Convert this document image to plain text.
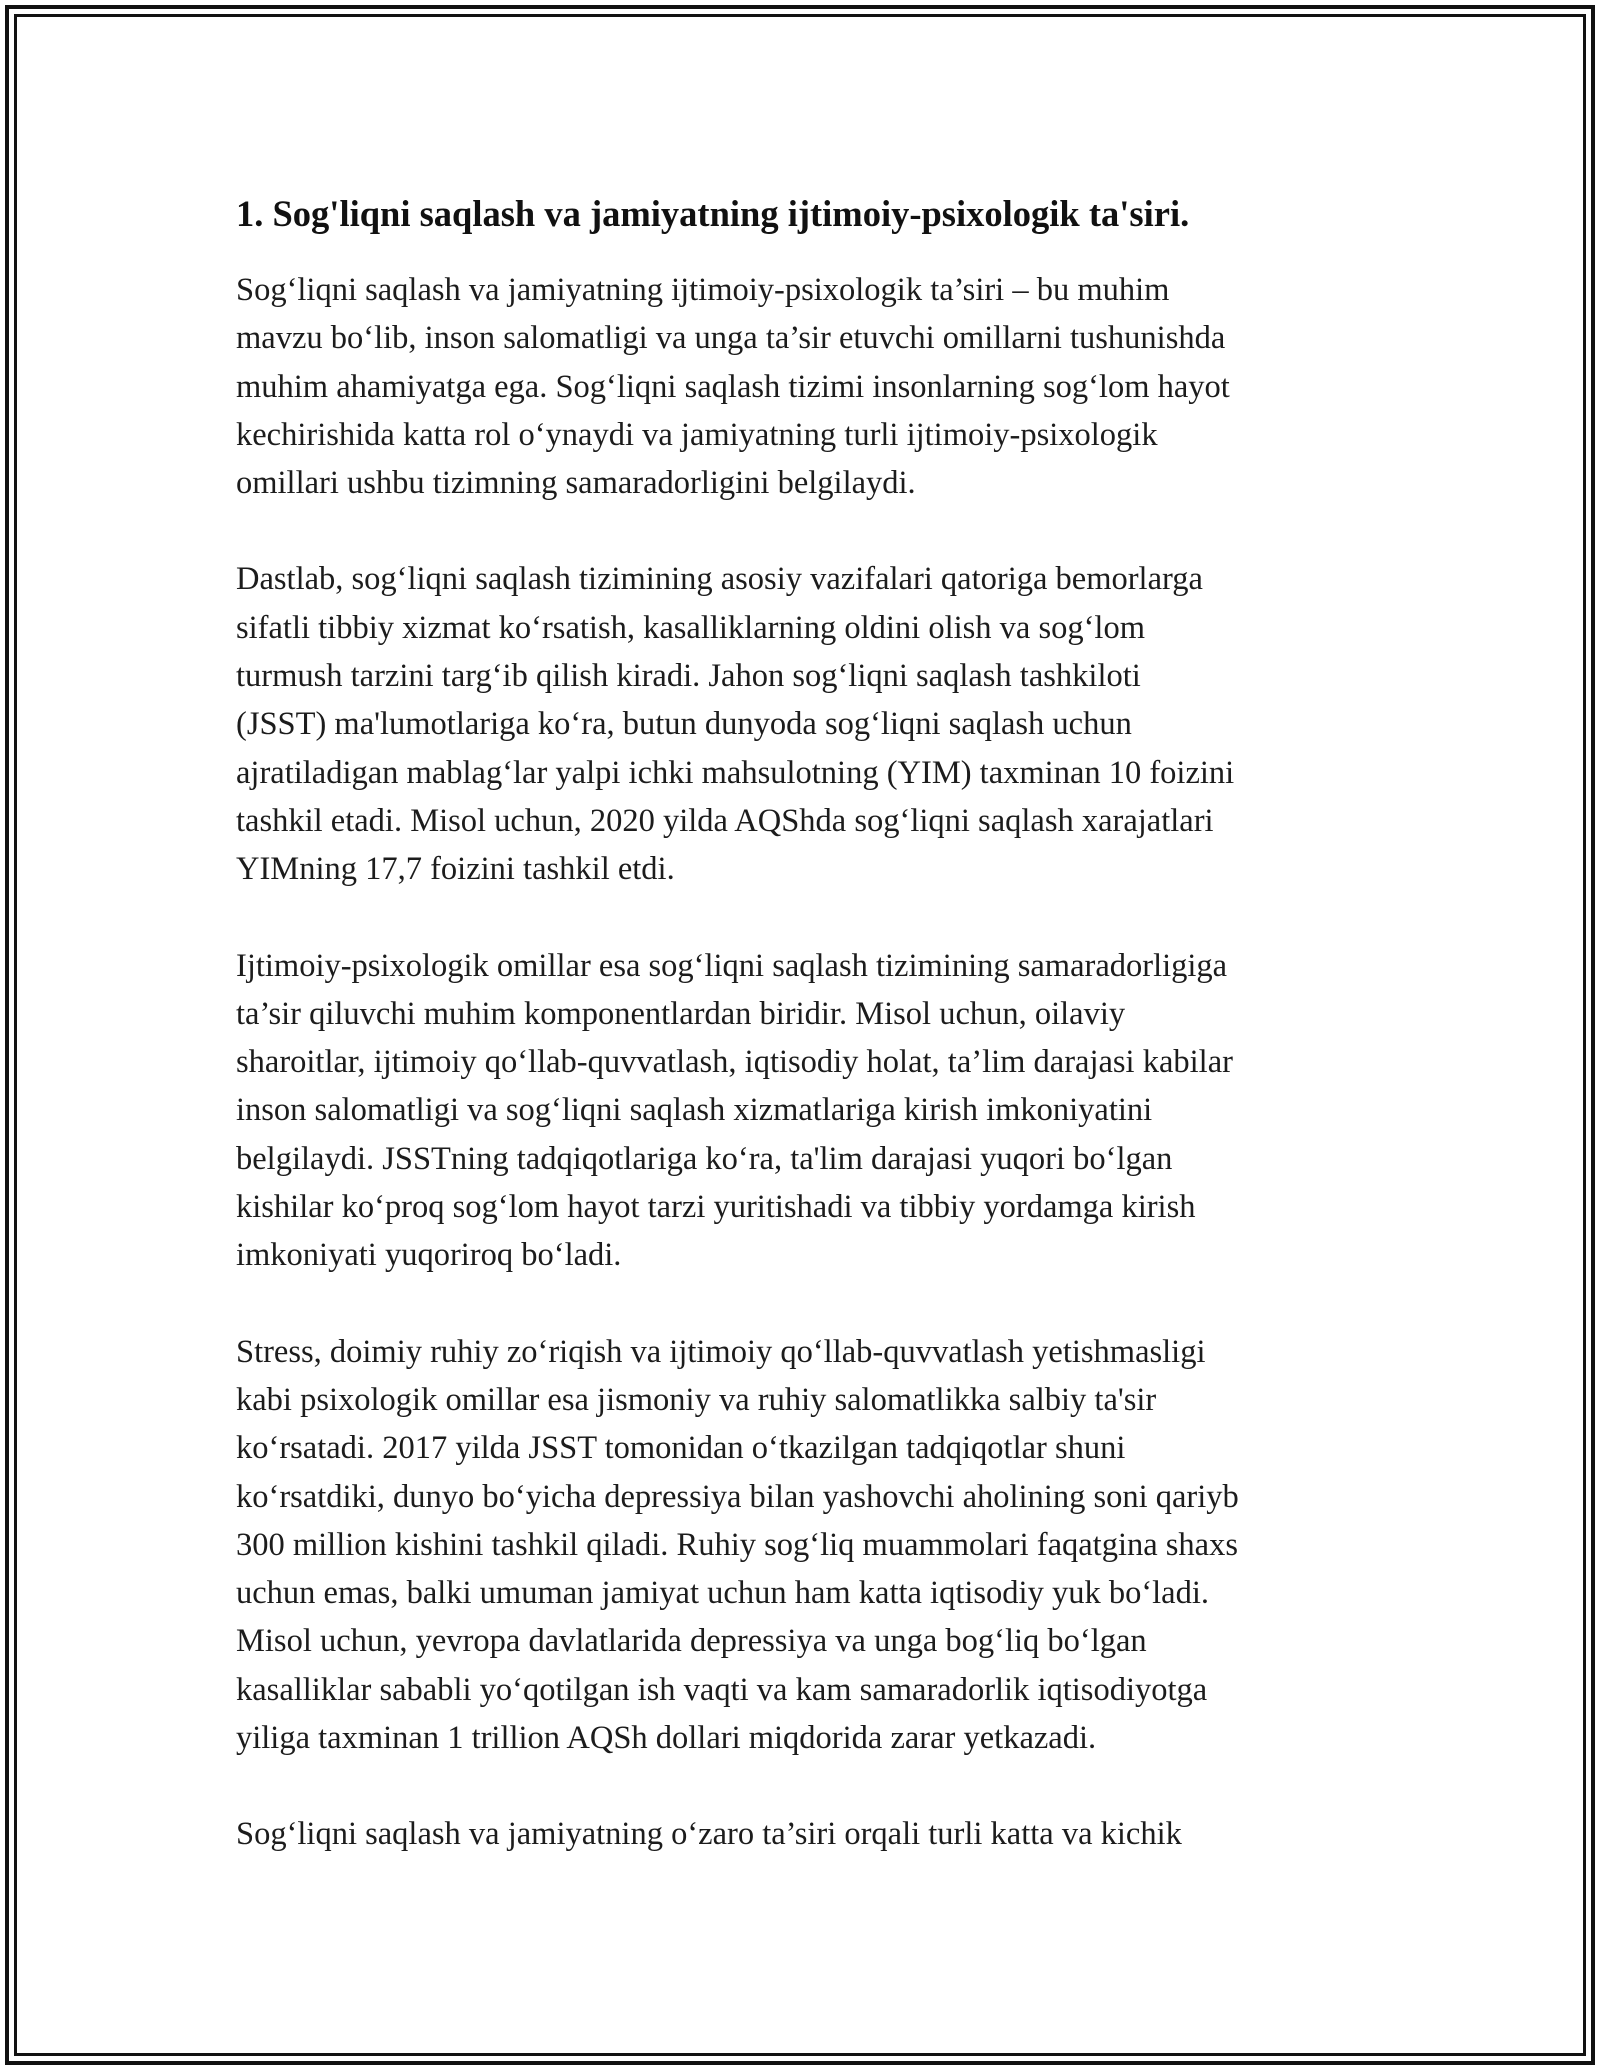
1. Sog'liqni saqlash va jamiyatning ijtimoiy-psixologik ta'siri.

Sog‘liqni saqlash va jamiyatning ijtimoiy-psixologik ta’siri – bu muhim
mavzu bo‘lib, inson salomatligi va unga ta’sir etuvchi omillarni tushunishda
muhim ahamiyatga ega. Sog‘liqni saqlash tizimi insonlarning sog‘lom hayot
kechirishida katta rol o‘ynaydi va jamiyatning turli ijtimoiy-psixologik
omillari ushbu tizimning samaradorligini belgilaydi.

Dastlab, sog‘liqni saqlash tizimining asosiy vazifalari qatoriga bemorlarga
sifatli tibbiy xizmat ko‘rsatish, kasalliklarning oldini olish va sog‘lom
turmush tarzini targ‘ib qilish kiradi. Jahon sog‘liqni saqlash tashkiloti
(JSST) ma'lumotlariga ko‘ra, butun dunyoda sog‘liqni saqlash uchun
ajratiladigan mablag‘lar yalpi ichki mahsulotning (YIM) taxminan 10 foizini
tashkil etadi. Misol uchun, 2020 yilda AQShda sog‘liqni saqlash xarajatlari
YIMning 17,7 foizini tashkil etdi.

Ijtimoiy-psixologik omillar esa sog‘liqni saqlash tizimining samaradorligiga
ta’sir qiluvchi muhim komponentlardan biridir. Misol uchun, oilaviy
sharoitlar, ijtimoiy qo‘llab-quvvatlash, iqtisodiy holat, ta’lim darajasi kabilar
inson salomatligi va sog‘liqni saqlash xizmatlariga kirish imkoniyatini
belgilaydi. JSSTning tadqiqotlariga ko‘ra, ta'lim darajasi yuqori bo‘lgan
kishilar ko‘proq sog‘lom hayot tarzi yuritishadi va tibbiy yordamga kirish
imkoniyati yuqoriroq bo‘ladi.

Stress, doimiy ruhiy zo‘riqish va ijtimoiy qo‘llab-quvvatlash yetishmasligi
kabi psixologik omillar esa jismoniy va ruhiy salomatlikka salbiy ta'sir
ko‘rsatadi. 2017 yilda JSST tomonidan o‘tkazilgan tadqiqotlar shuni
ko‘rsatdiki, dunyo bo‘yicha depressiya bilan yashovchi aholining soni qariyb
300 million kishini tashkil qiladi. Ruhiy sog‘liq muammolari faqatgina shaxs
uchun emas, balki umuman jamiyat uchun ham katta iqtisodiy yuk bo‘ladi.
Misol uchun, yevropa davlatlarida depressiya va unga bog‘liq bo‘lgan
kasalliklar sababli yo‘qotilgan ish vaqti va kam samaradorlik iqtisodiyotga
yiliga taxminan 1 trillion AQSh dollari miqdorida zarar yetkazadi.

Sog‘liqni saqlash va jamiyatning o‘zaro ta’siri orqali turli katta va kichik
